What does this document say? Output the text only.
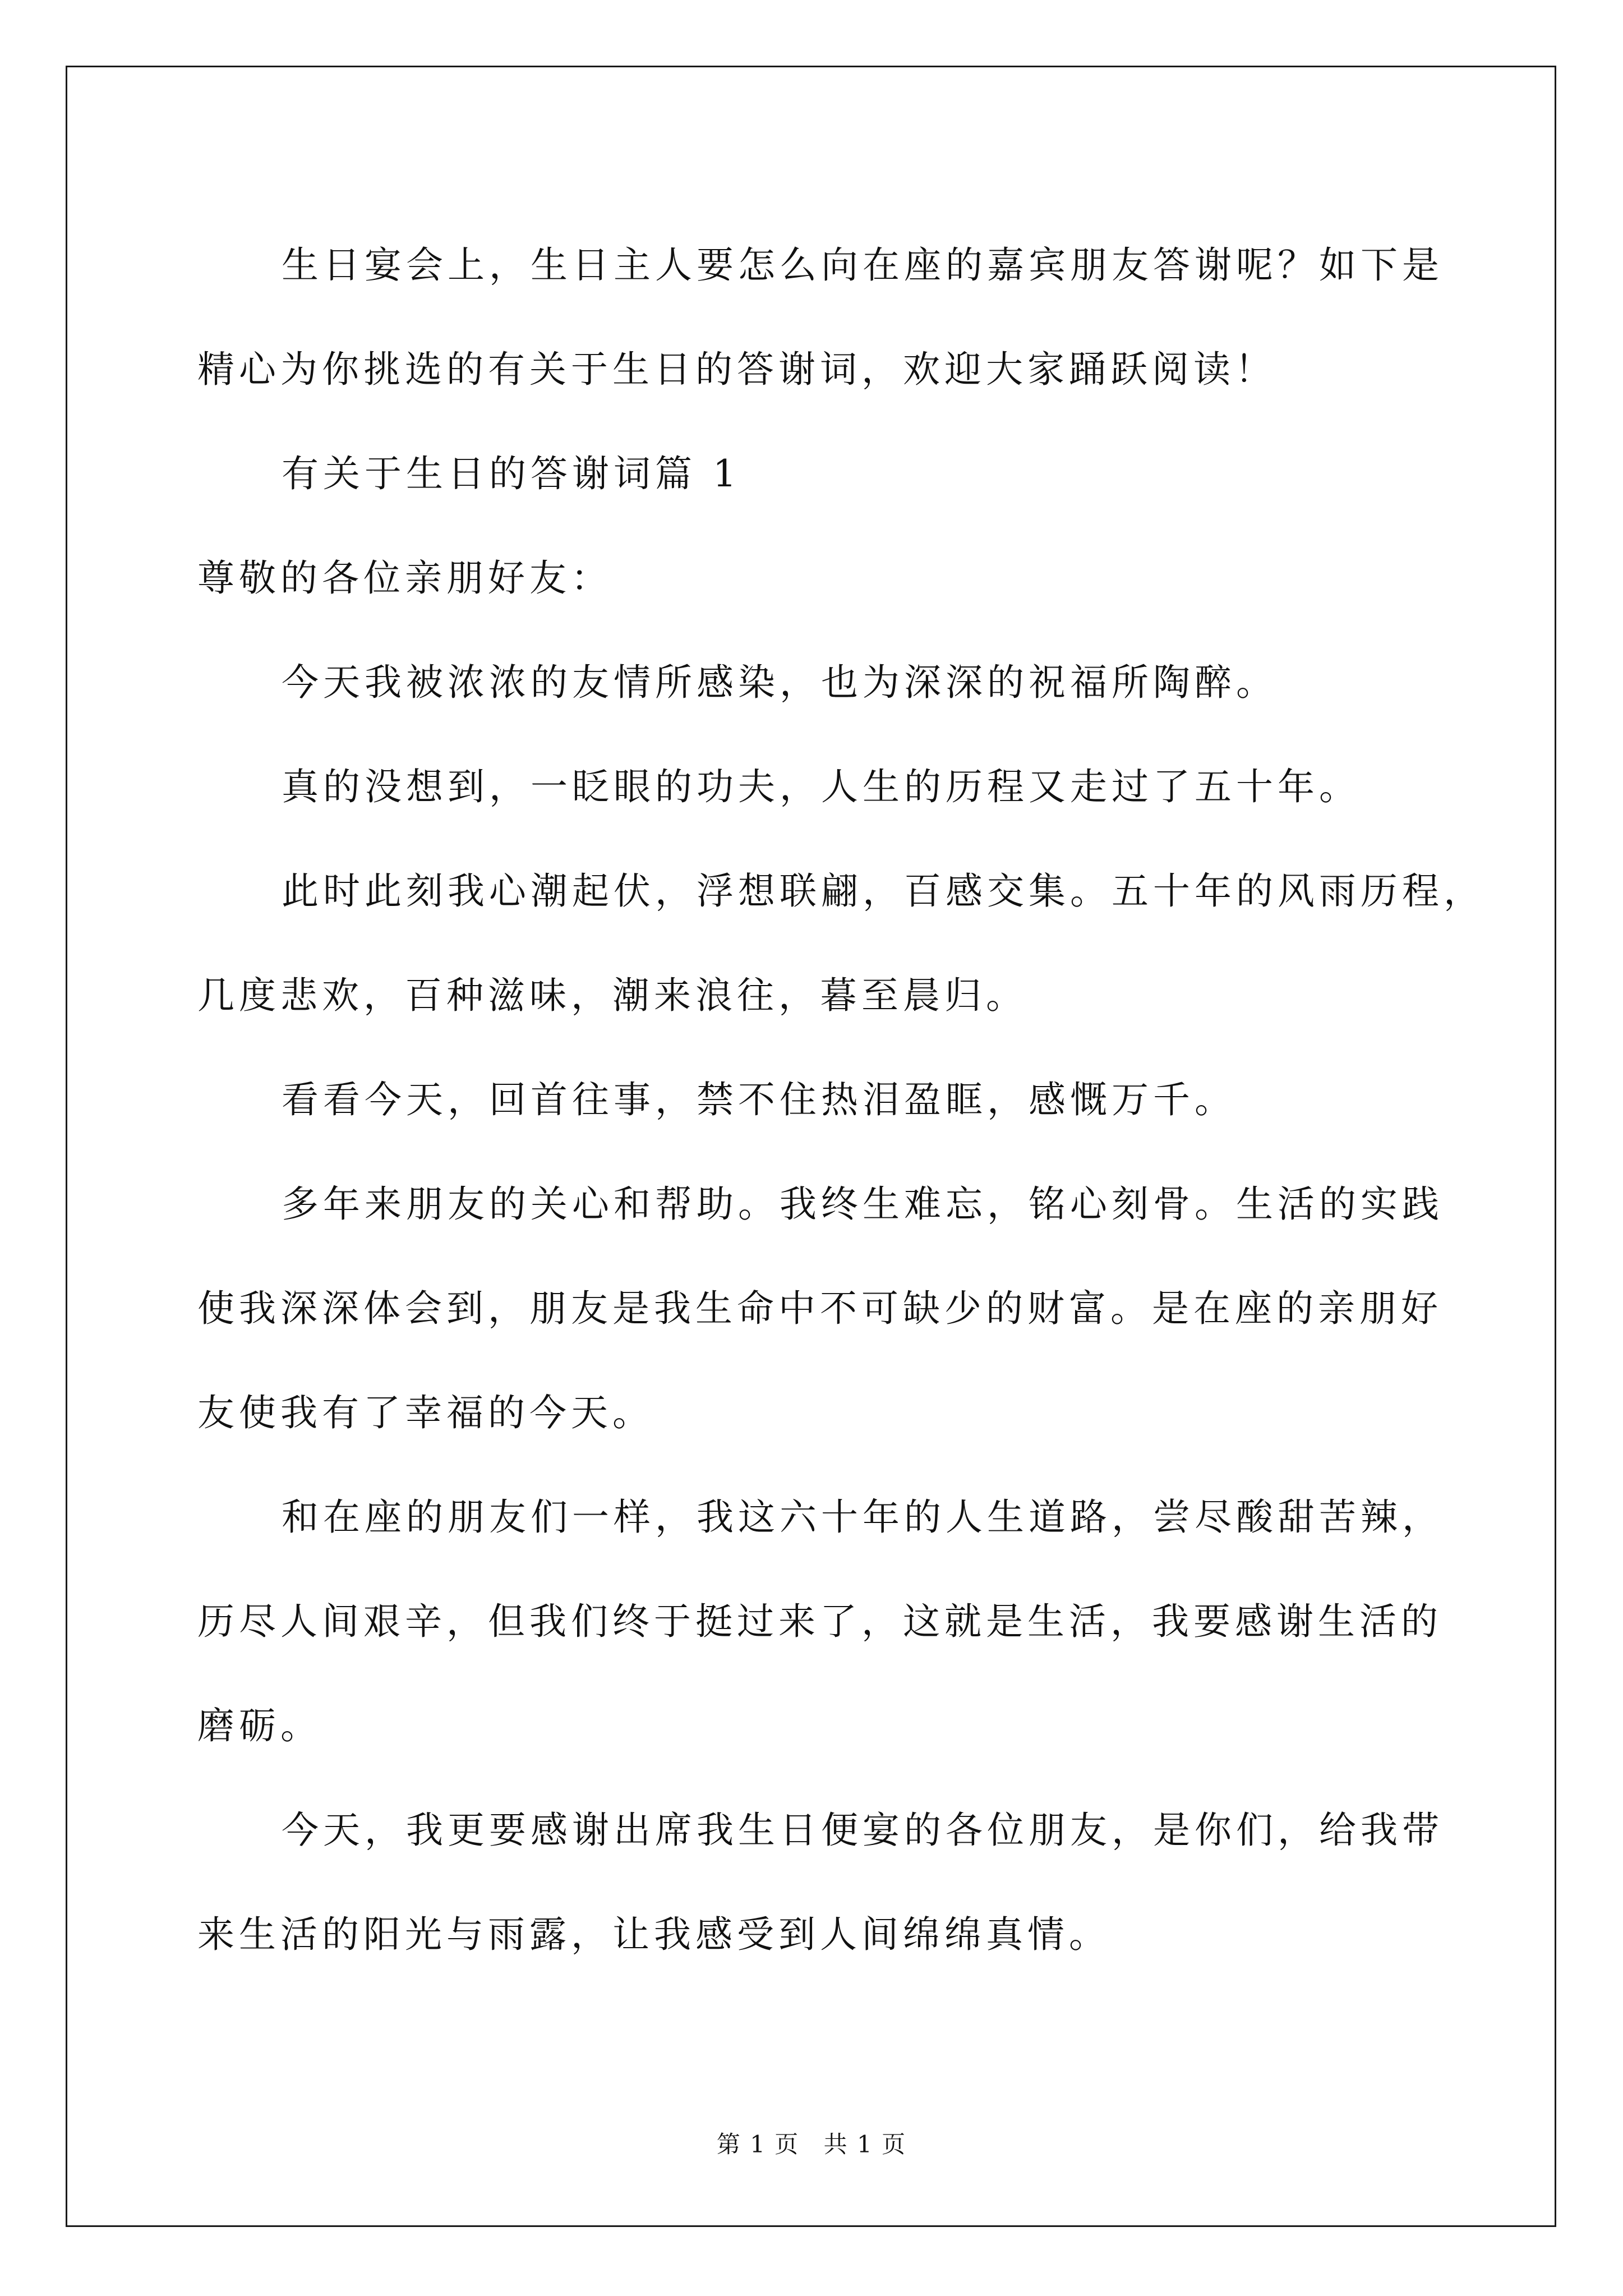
生日宴会上，生日主人要怎么向在座的嘉宾朋友答谢呢？如下是
精心为你挑选的有关于生日的答谢词，欢迎大家踊跃阅读！

有关于生日的答谢词篇 1

尊敬的各位亲朋好友：

今天我被浓浓的友情所感染，也为深深的祝福所陶醉。

真的没想到，一眨眼的功夫，人生的历程又走过了五十年。

此时此刻我心潮起伏，浮想联翩，百感交集。五十年的风雨历程，
几度悲欢，百种滋味，潮来浪往，暮至晨归。

看看今天，回首往事，禁不住热泪盈眶，感慨万千。

多年来朋友的关心和帮助。我终生难忘，铭心刻骨。生活的实践
使我深深体会到，朋友是我生命中不可缺少的财富。是在座的亲朋好
友使我有了幸福的今天。

和在座的朋友们一样，我这六十年的人生道路，尝尽酸甜苦辣，
历尽人间艰辛，但我们终于挺过来了，这就是生活，我要感谢生活的
磨砺。

今天，我更要感谢出席我生日便宴的各位朋友，是你们，给我带
来生活的阳光与雨露，让我感受到人间绵绵真情。

第 1 页 共 1 页
